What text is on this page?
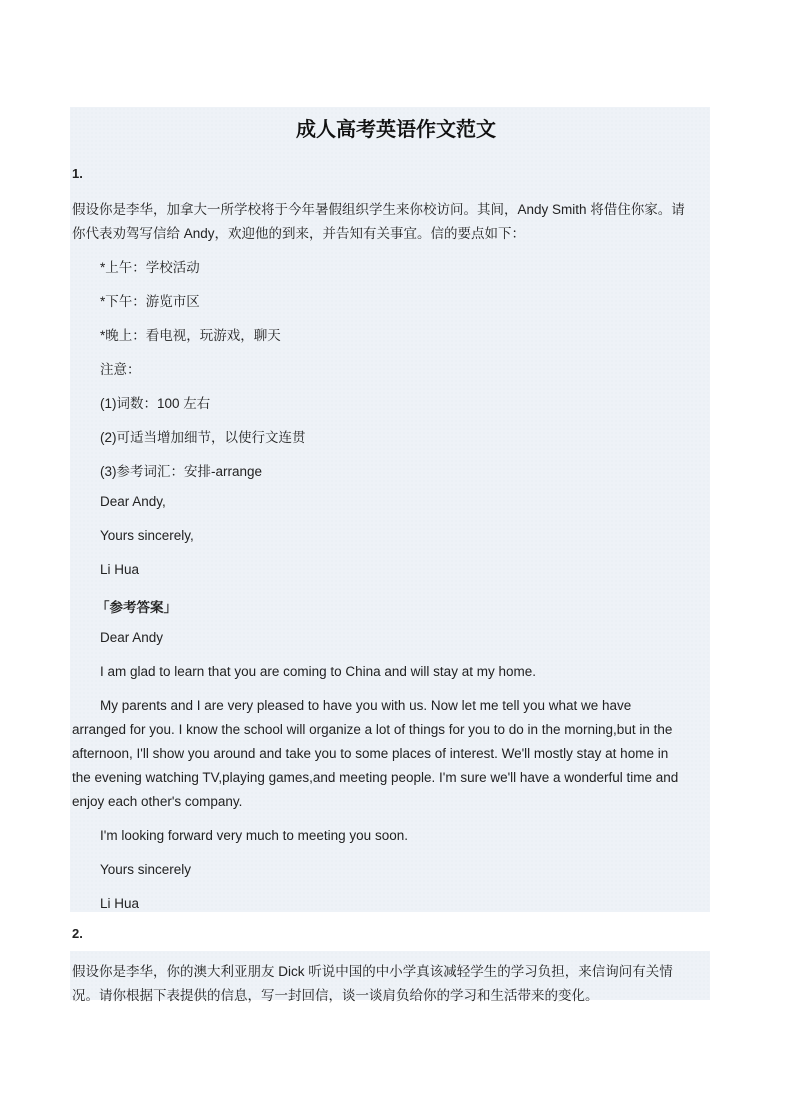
成人高考英语作文范文
1.
假设你是李华，加拿大一所学校将于今年暑假组织学生来你校访问。其间，Andy Smith 将借住你家。请
你代表劝驾写信给 Andy，欢迎他的到来，并告知有关事宜。信的要点如下：
*上午：学校活动
*下午：游览市区
*晚上：看电视，玩游戏，聊天
注意：
(1)词数：100 左右
(2)可适当增加细节，以使行文连贯
(3)参考词汇：安排-arrange
Dear Andy,
Yours sincerely,
Li Hua
「参考答案」
Dear Andy
I am glad to learn that you are coming to China and will stay at my home.
My parents and I are very pleased to have you with us. Now let me tell you what we have
arranged for you. I know the school will organize a lot of things for you to do in the morning,but in the
afternoon, I'll show you around and take you to some places of interest. We'll mostly stay at home in
the evening watching TV,playing games,and meeting people. I'm sure we'll have a wonderful time and
enjoy each other's company.
I'm looking forward very much to meeting you soon.
Yours sincerely
Li Hua
2.
假设你是李华，你的澳大利亚朋友 Dick 听说中国的中小学真该减轻学生的学习负担，来信询问有关情
况。请你根据下表提供的信息，写一封回信，谈一谈肩负给你的学习和生活带来的变化。
